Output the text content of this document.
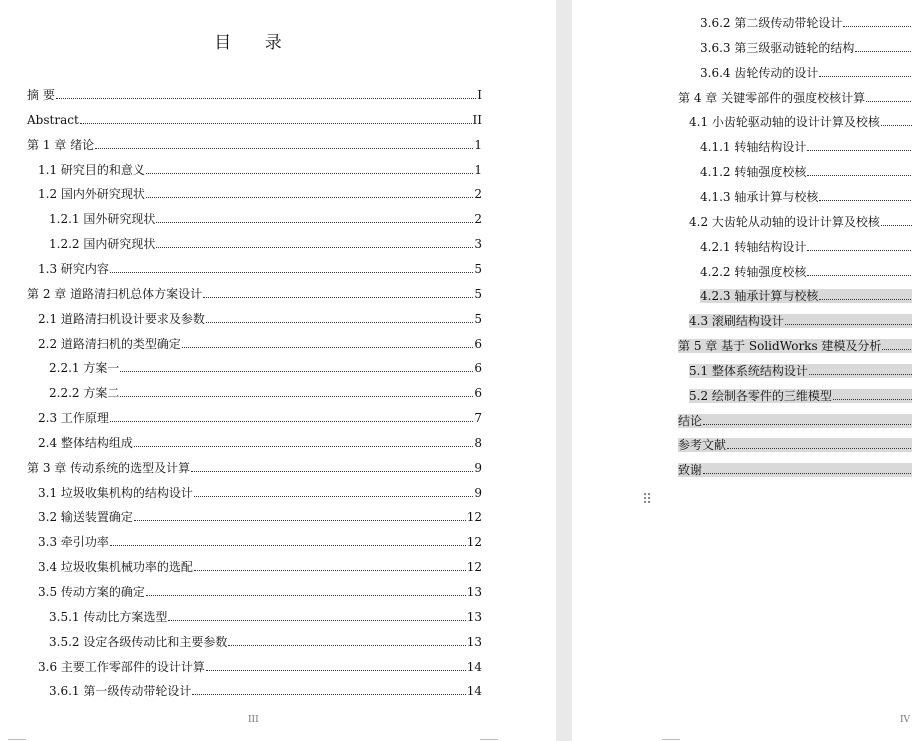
目 录
摘 要	I
Abstract	II
第 1 章 绪论	1
1.1 研究目的和意义	1
1.2 国内外研究现状	2
1.2.1 国外研究现状	2
1.2.2 国内研究现状	3
1.3 研究内容	5
第 2 章 道路清扫机总体方案设计	5
2.1 道路清扫机设计要求及参数	5
2.2 道路清扫机的类型确定	6
2.2.1 方案一	6
2.2.2 方案二	6
2.3 工作原理	7
2.4 整体结构组成	8
第 3 章 传动系统的选型及计算	9
3.1 垃圾收集机构的结构设计	9
3.2 输送装置确定	12
3.3 牵引功率	12
3.4 垃圾收集机械功率的选配	12
3.5 传动方案的确定	13
3.5.1 传动比方案选型	13
3.5.2 设定各级传动比和主要参数	13
3.6 主要工作零部件的设计计算	14
3.6.1 第一级传动带轮设计	14
III
3.6.2 第二级传动带轮设计
3.6.3 第三级驱动链轮的结构
3.6.4 齿轮传动的设计
第 4 章 关键零部件的强度校核计算
4.1 小齿轮驱动轴的设计计算及校核
4.1.1 转轴结构设计
4.1.2 转轴强度校核
4.1.3 轴承计算与校核
4.2 大齿轮从动轴的设计计算及校核
4.2.1 转轴结构设计
4.2.2 转轴强度校核
4.2.3 轴承计算与校核
4.3 滚刷结构设计
第 5 章 基于 SolidWorks 建模及分析
5.1 整体系统结构设计
5.2 绘制各零件的三维模型
结论
参考文献
致谢
IV
⠿
